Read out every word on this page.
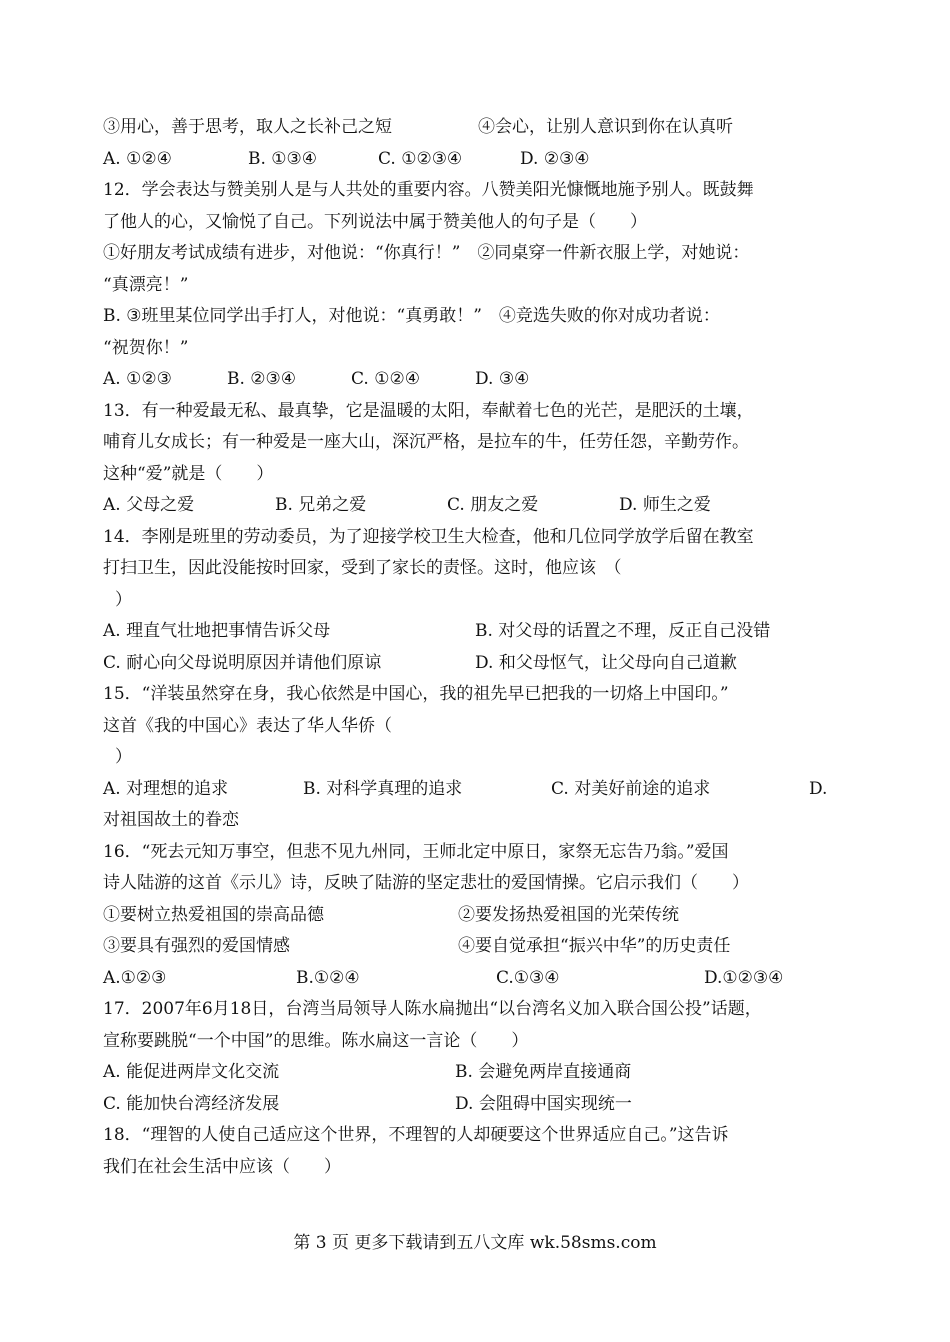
③用心，善于思考，取人之长补己之短	④会心，让别人意识到你在认真听
A. ①②④	B. ①③④	C. ①②③④	D. ②③④
12．学会表达与赞美别人是与人共处的重要内容。八赞美阳光慷慨地施予别人。既鼓舞
了他人的心，又愉悦了自己。下列说法中属于赞美他人的句子是（　　）
①好朋友考试成绩有进步，对他说：“你真行！”　②同桌穿一件新衣服上学，对她说：
“真漂亮！”
B. ③班里某位同学出手打人，对他说：“真勇敢！”　④竞选失败的你对成功者说：
“祝贺你！”
A. ①②③	B. ②③④	C. ①②④	D. ③④
13．有一种爱最无私、最真挚，它是温暖的太阳，奉献着七色的光芒，是肥沃的土壤，
哺育儿女成长；有一种爱是一座大山，深沉严格，是拉车的牛，任劳任怨，辛勤劳作。
这种“爱”就是（　　）
A. 父母之爱	B. 兄弟之爱	C. 朋友之爱	D. 师生之爱
14．李刚是班里的劳动委员，为了迎接学校卫生大检查，他和几位同学放学后留在教室
打扫卫生，因此没能按时回家，受到了家长的责怪。这时，他应该　（
）
A. 理直气壮地把事情告诉父母	B. 对父母的话置之不理，反正自己没错
C. 耐心向父母说明原因并请他们原谅	D. 和父母怄气，让父母向自己道歉
15．“洋装虽然穿在身，我心依然是中国心，我的祖先早已把我的一切烙上中国印。”
这首《我的中国心》表达了华人华侨（
）
A. 对理想的追求	B. 对科学真理的追求	C. 对美好前途的追求	D.
对祖国故土的眷恋
16．“死去元知万事空，但悲不见九州同，王师北定中原日，家祭无忘告乃翁。”爱国
诗人陆游的这首《示儿》诗，反映了陆游的坚定悲壮的爱国情操。它启示我们（　　）
①要树立热爱祖国的崇高品德	②要发扬热爱祖国的光荣传统
③要具有强烈的爱国情感	④要自觉承担“振兴中华”的历史责任
A.①②③	B.①②④	C.①③④	D.①②③④
17．2007年6月18日，台湾当局领导人陈水扁抛出“以台湾名义加入联合国公投”话题，
宣称要跳脱“一个中国”的思维。陈水扁这一言论（　　）
A. 能促进两岸文化交流	B. 会避免两岸直接通商
C. 能加快台湾经济发展	D. 会阻碍中国实现统一
18．“理智的人使自己适应这个世界，不理智的人却硬要这个世界适应自己。”这告诉
我们在社会生活中应该（　　）
第 3 页 更多下载请到五八文库 wk.58sms.com
